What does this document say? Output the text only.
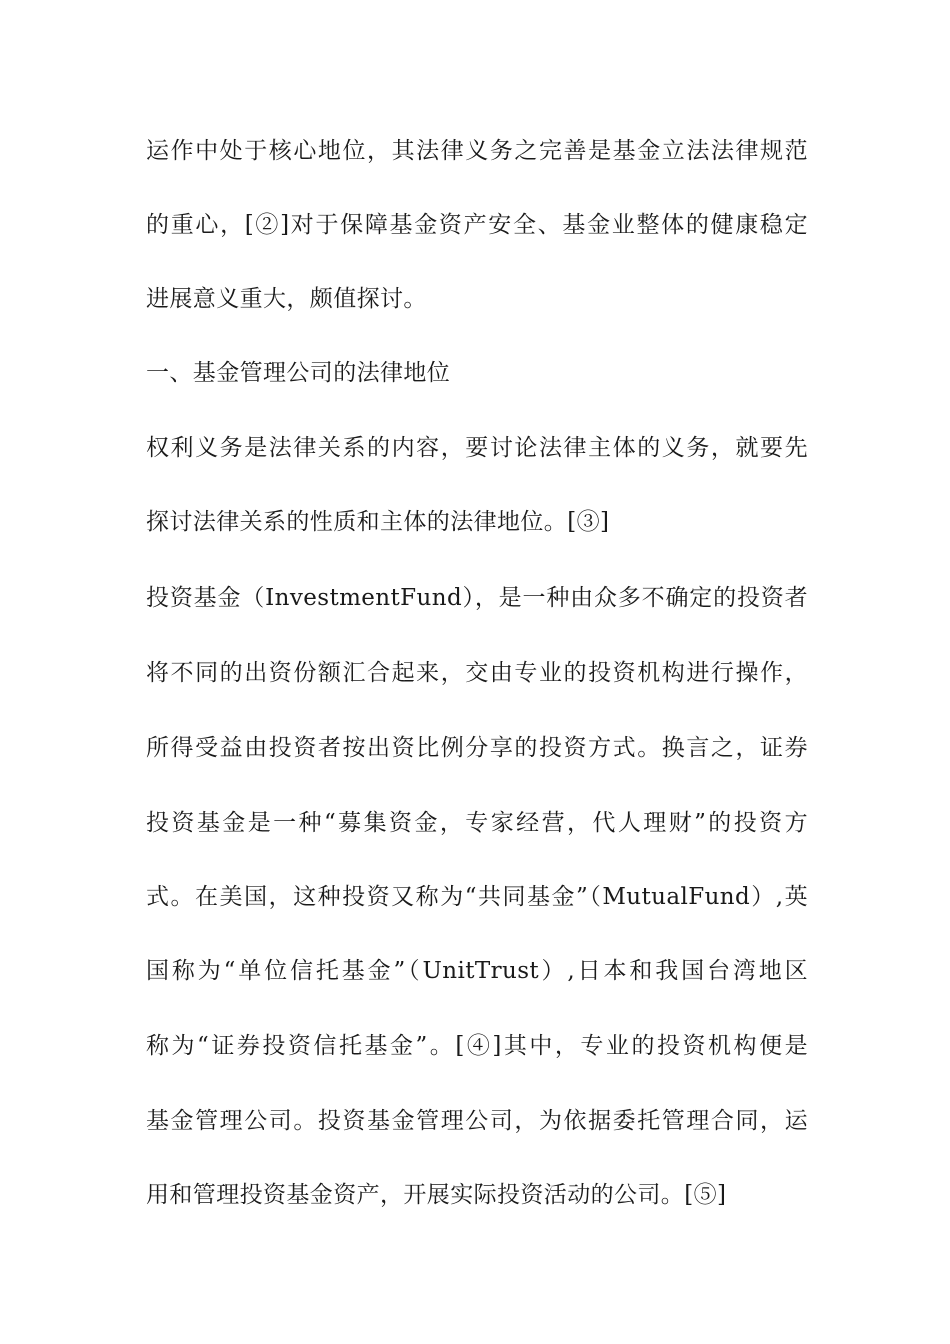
运作中处于核心地位，其法律义务之完善是基金立法法律规范
的重心，[②]对于保障基金资产安全、基金业整体的健康稳定
进展意义重大，颇值探讨。
一、基金管理公司的法律地位
权利义务是法律关系的内容，要讨论法律主体的义务，就要先
探讨法律关系的性质和主体的法律地位。[③]
投资基金（InvestmentFund），是一种由众多不确定的投资者
将不同的出资份额汇合起来，交由专业的投资机构进行操作，
所得受益由投资者按出资比例分享的投资方式。换言之，证券
投资基金是一种“募集资金，专家经营，代人理财”的投资方
式。在美国，这种投资又称为“共同基金”（MutualFund）,英
国称为“单位信托基金”（UnitTrust）,日本和我国台湾地区
称为“证券投资信托基金”。[④]其中，专业的投资机构便是
基金管理公司。投资基金管理公司，为依据委托管理合同，运
用和管理投资基金资产，开展实际投资活动的公司。[⑤]
